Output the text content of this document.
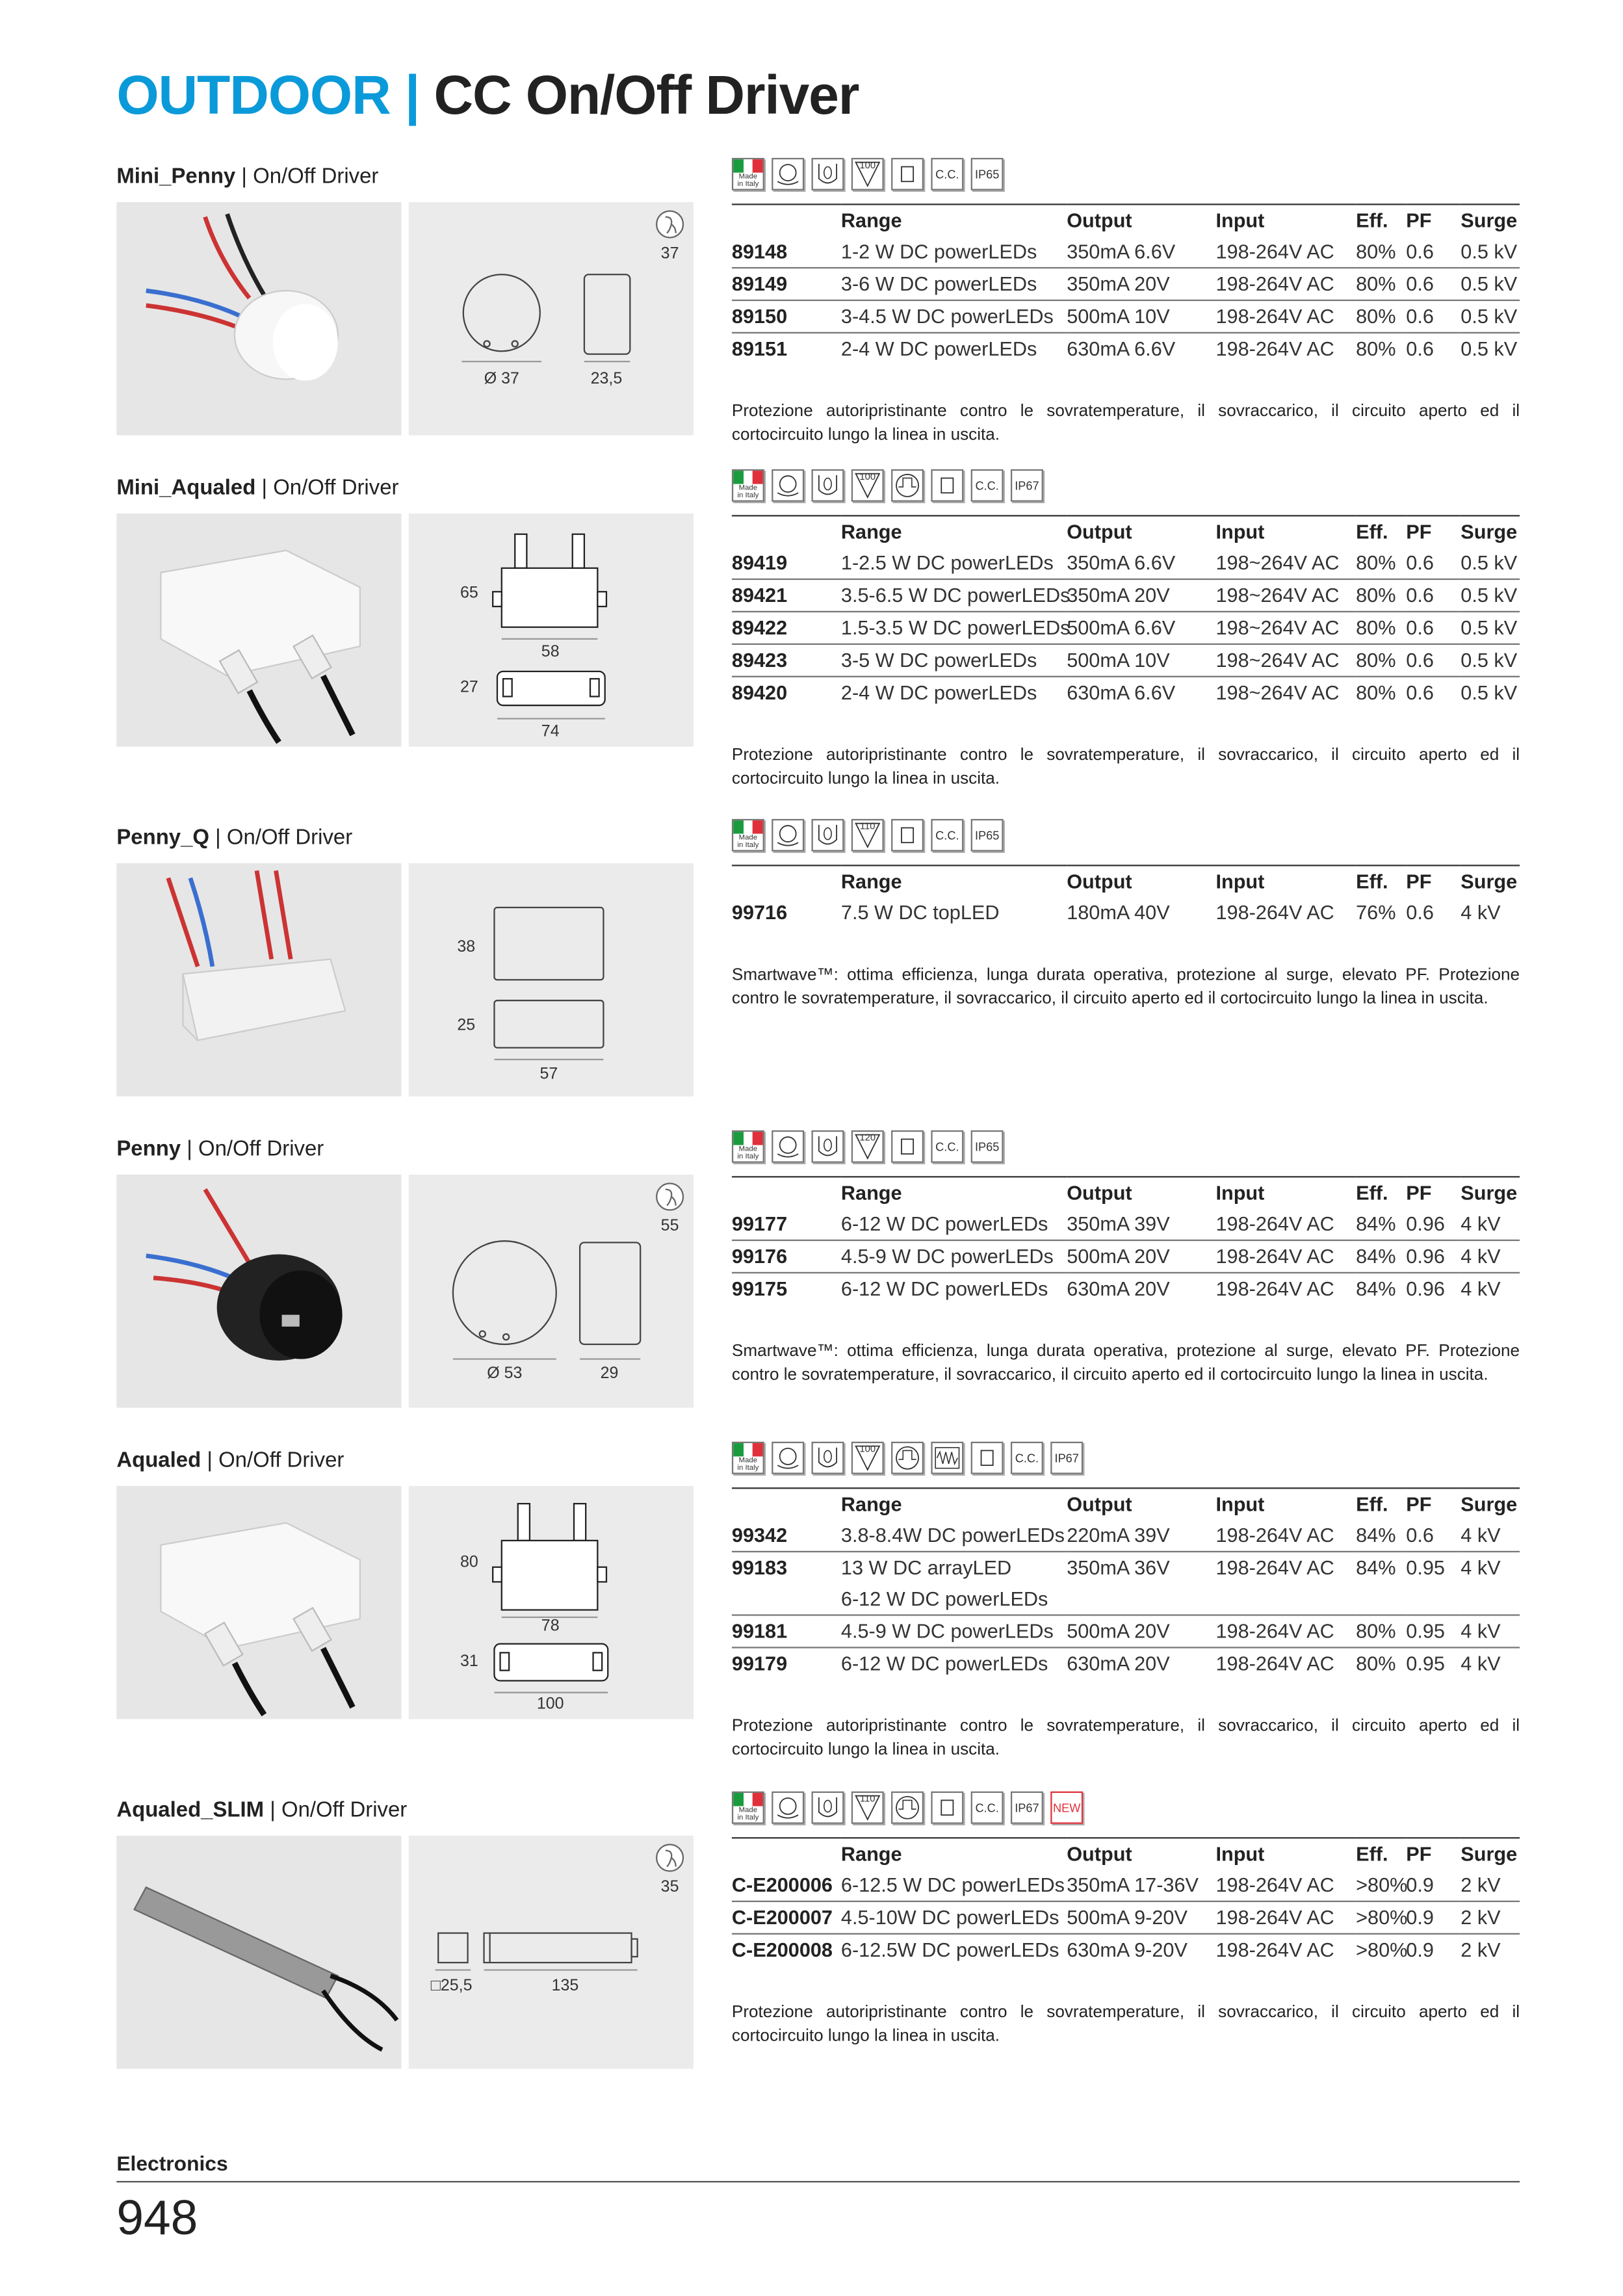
OUTDOOR | CC On/Off Driver
Mini_Penny | On/Off Driver
37
Ø 37	23,5
Made
in Italy
100
C.C.	IP65
	Range	Output	Input	Eff.	PF	Surge
89148	1-2 W DC powerLEDs	350mA 6.6V	198-264V AC	80%	0.6	0.5 kV
89149	3-6 W DC powerLEDs	350mA 20V	198-264V AC	80%	0.6	0.5 kV
89150	3-4.5 W DC powerLEDs	500mA 10V	198-264V AC	80%	0.6	0.5 kV
89151	2-4 W DC powerLEDs	630mA 6.6V	198-264V AC	80%	0.6	0.5 kV
Protezione autoripristinante contro le sovratemperature, il sovraccarico, il circuito aperto ed il cortocircuito lungo la linea in uscita.
Mini_Aqualed | On/Off Driver
65
58
27
74
Made
in Italy
100
C.C.	IP67
	Range	Output	Input	Eff.	PF	Surge
89419	1-2.5 W DC powerLEDs	350mA 6.6V	198~264V AC	80%	0.6	0.5 kV
89421	3.5-6.5 W DC powerLEDs	350mA 20V	198~264V AC	80%	0.6	0.5 kV
89422	1.5-3.5 W DC powerLEDs	500mA 6.6V	198~264V AC	80%	0.6	0.5 kV
89423	3-5 W DC powerLEDs	500mA 10V	198~264V AC	80%	0.6	0.5 kV
89420	2-4 W DC powerLEDs	630mA 6.6V	198~264V AC	80%	0.6	0.5 kV
Protezione autoripristinante contro le sovratemperature, il sovraccarico, il circuito aperto ed il cortocircuito lungo la linea in uscita.
Penny_Q | On/Off Driver
38
25
57
Made
in Italy
110
C.C.	IP65
	Range	Output	Input	Eff.	PF	Surge
99716	7.5 W DC topLED	180mA 40V	198-264V AC	76%	0.6	4 kV
Smartwave™: ottima efficienza, lunga durata operativa, protezione al surge, elevato PF. Protezione contro le sovratemperature, il sovraccarico, il circuito aperto ed il cortocircuito lungo la linea in uscita.
Penny | On/Off Driver
55
Ø 53	29
Made
in Italy
120
C.C.	IP65
	Range	Output	Input	Eff.	PF	Surge
99177	6-12 W DC powerLEDs	350mA 39V	198-264V AC	84%	0.96	4 kV
99176	4.5-9 W DC powerLEDs	500mA 20V	198-264V AC	84%	0.96	4 kV
99175	6-12 W DC powerLEDs	630mA 20V	198-264V AC	84%	0.96	4 kV
Smartwave™: ottima efficienza, lunga durata operativa, protezione al surge, elevato PF. Protezione contro le sovratemperature, il sovraccarico, il circuito aperto ed il cortocircuito lungo la linea in uscita.
Aqualed | On/Off Driver
80
78
31
100
Made
in Italy
100
C.C.	IP67
	Range	Output	Input	Eff.	PF	Surge
99342	3.8-8.4W DC powerLEDs	220mA 39V	198-264V AC	84%	0.6	4 kV
99183	13 W DC arrayLED	350mA 36V	198-264V AC	84%	0.95	4 kV
	6-12 W DC powerLEDs					
99181	4.5-9 W DC powerLEDs	500mA 20V	198-264V AC	80%	0.95	4 kV
99179	6-12 W DC powerLEDs	630mA 20V	198-264V AC	80%	0.95	4 kV
Protezione autoripristinante contro le sovratemperature, il sovraccarico, il circuito aperto ed il cortocircuito lungo la linea in uscita.
Aqualed_SLIM | On/Off Driver
35
□25,5	135
Made
in Italy
110
C.C.	IP67	NEW
	Range	Output	Input	Eff.	PF	Surge
C-E200006	6-12.5 W DC powerLEDs	350mA 17-36V	198-264V AC	>80%	0.9	2 kV
C-E200007	4.5-10W DC powerLEDs	500mA 9-20V	198-264V AC	>80%	0.9	2 kV
C-E200008	6-12.5W DC powerLEDs	630mA 9-20V	198-264V AC	>80%	0.9	2 kV
Protezione autoripristinante contro le sovratemperature, il sovraccarico, il circuito aperto ed il cortocircuito lungo la linea in uscita.
Electronics
948
